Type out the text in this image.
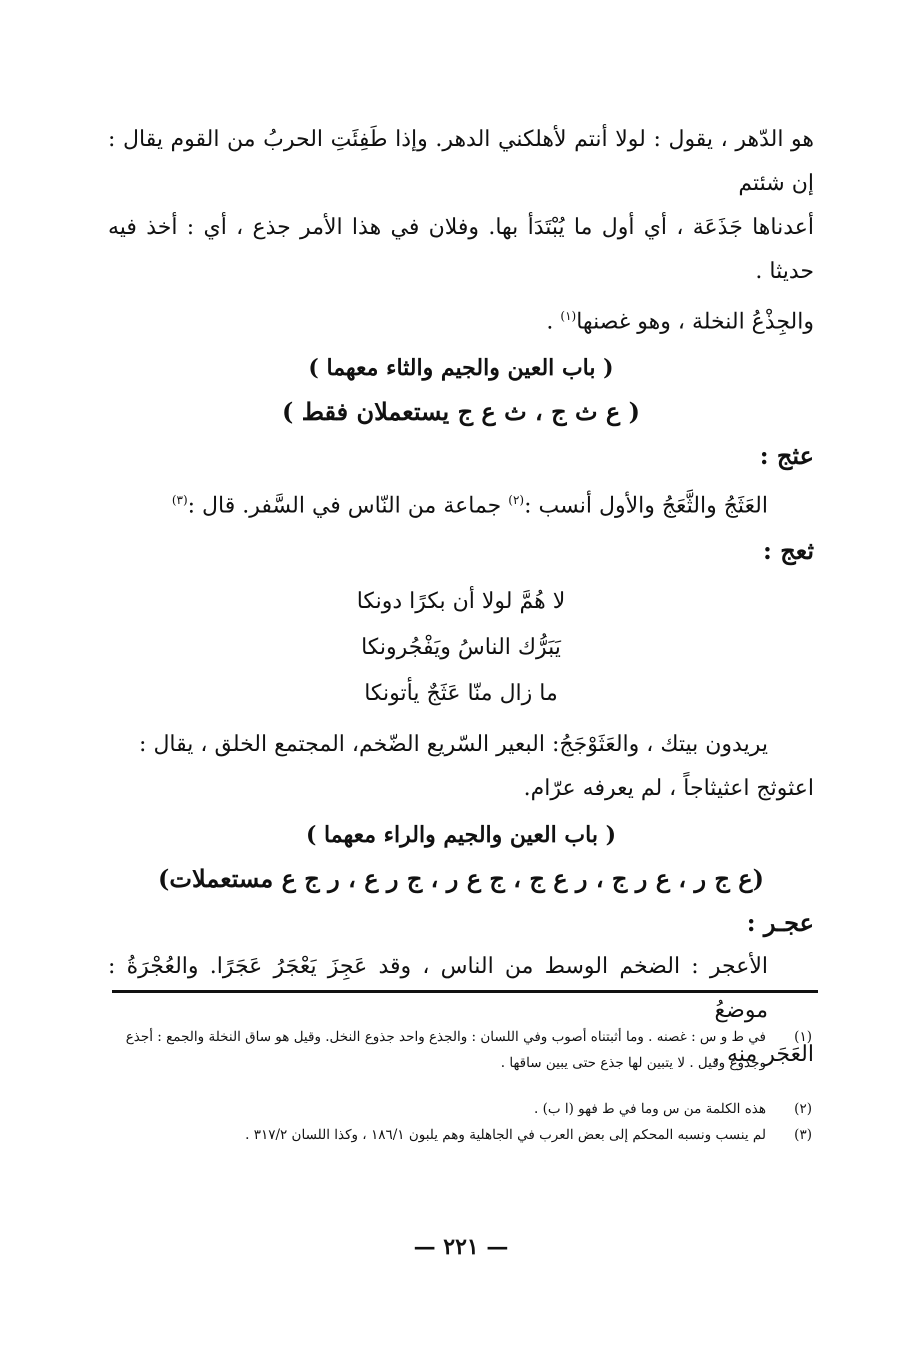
هو الدّهر ، يقول : لولا أنتم لأهلكني الدهر. وإذا طَفِئَتِ الحربُ من القوم يقال : إن شئتم

أعدناها جَذَعَة ، أي أول ما يُبْتَدَأ بها. وفلان في هذا الأمر جذع ، أي : أخذ فيه حديثا .

والجِذْعُ النخلة ، وهو غصنها$^{(١)}$ .

( باب العين والجيم والثاء معهما )

( ع ث ج ، ث ع ج يستعملان فقط )

عثج :

العَثَجُ والثَّعَجُ والأول أنسب :$^{(٢)}$ جماعة من النّاس في السَّفر. قال :$^{(٣)}$

ثعج :

لا هُمَّ لولا أن بكرًا دونكا

يَبَرُّك الناسُ ويَفْجُرونكا

ما زال منّا عَثَجٌ يأتونكا

يريدون بيتك ، والعَثَوْجَجُ: البعير السّريع الضّخم، المجتمع الخلق ، يقال :

اعثوثج اعثيثاجاً ، لم يعرفه عرّام.

( باب العين والجيم والراء معهما )

(ع ج ر ، ع ر ج ، ر ع ج ، ج ع ر ، ج ر ع ، ر ج ع مستعملات)

عجـر :

الأعجر : الضخم الوسط من الناس ، وقد عَجِزَ يَعْجَرُ عَجَرًا. والعُجْرَةُ : موضعُ

العَجَر منه .

(١)
في ط و س : غصنه . وما أثبتناه أصوب وفي اللسان : والجذع واحد جذوع النخل. وقيل هو ساق النخلة والجمع : أجذع وجذوع وقيل . لا يتبين لها جذع حتى يبين ساقها .

(٢)
هذه الكلمة من س وما في ط فهو (ا ب) .

(٣)
لم ينسب ونسبه المحكم إلى بعض العرب في الجاهلية وهم يلبون ١٨٦/١ ، وكذا اللسان ٣١٧/٢ .

— ٢٢١ —
